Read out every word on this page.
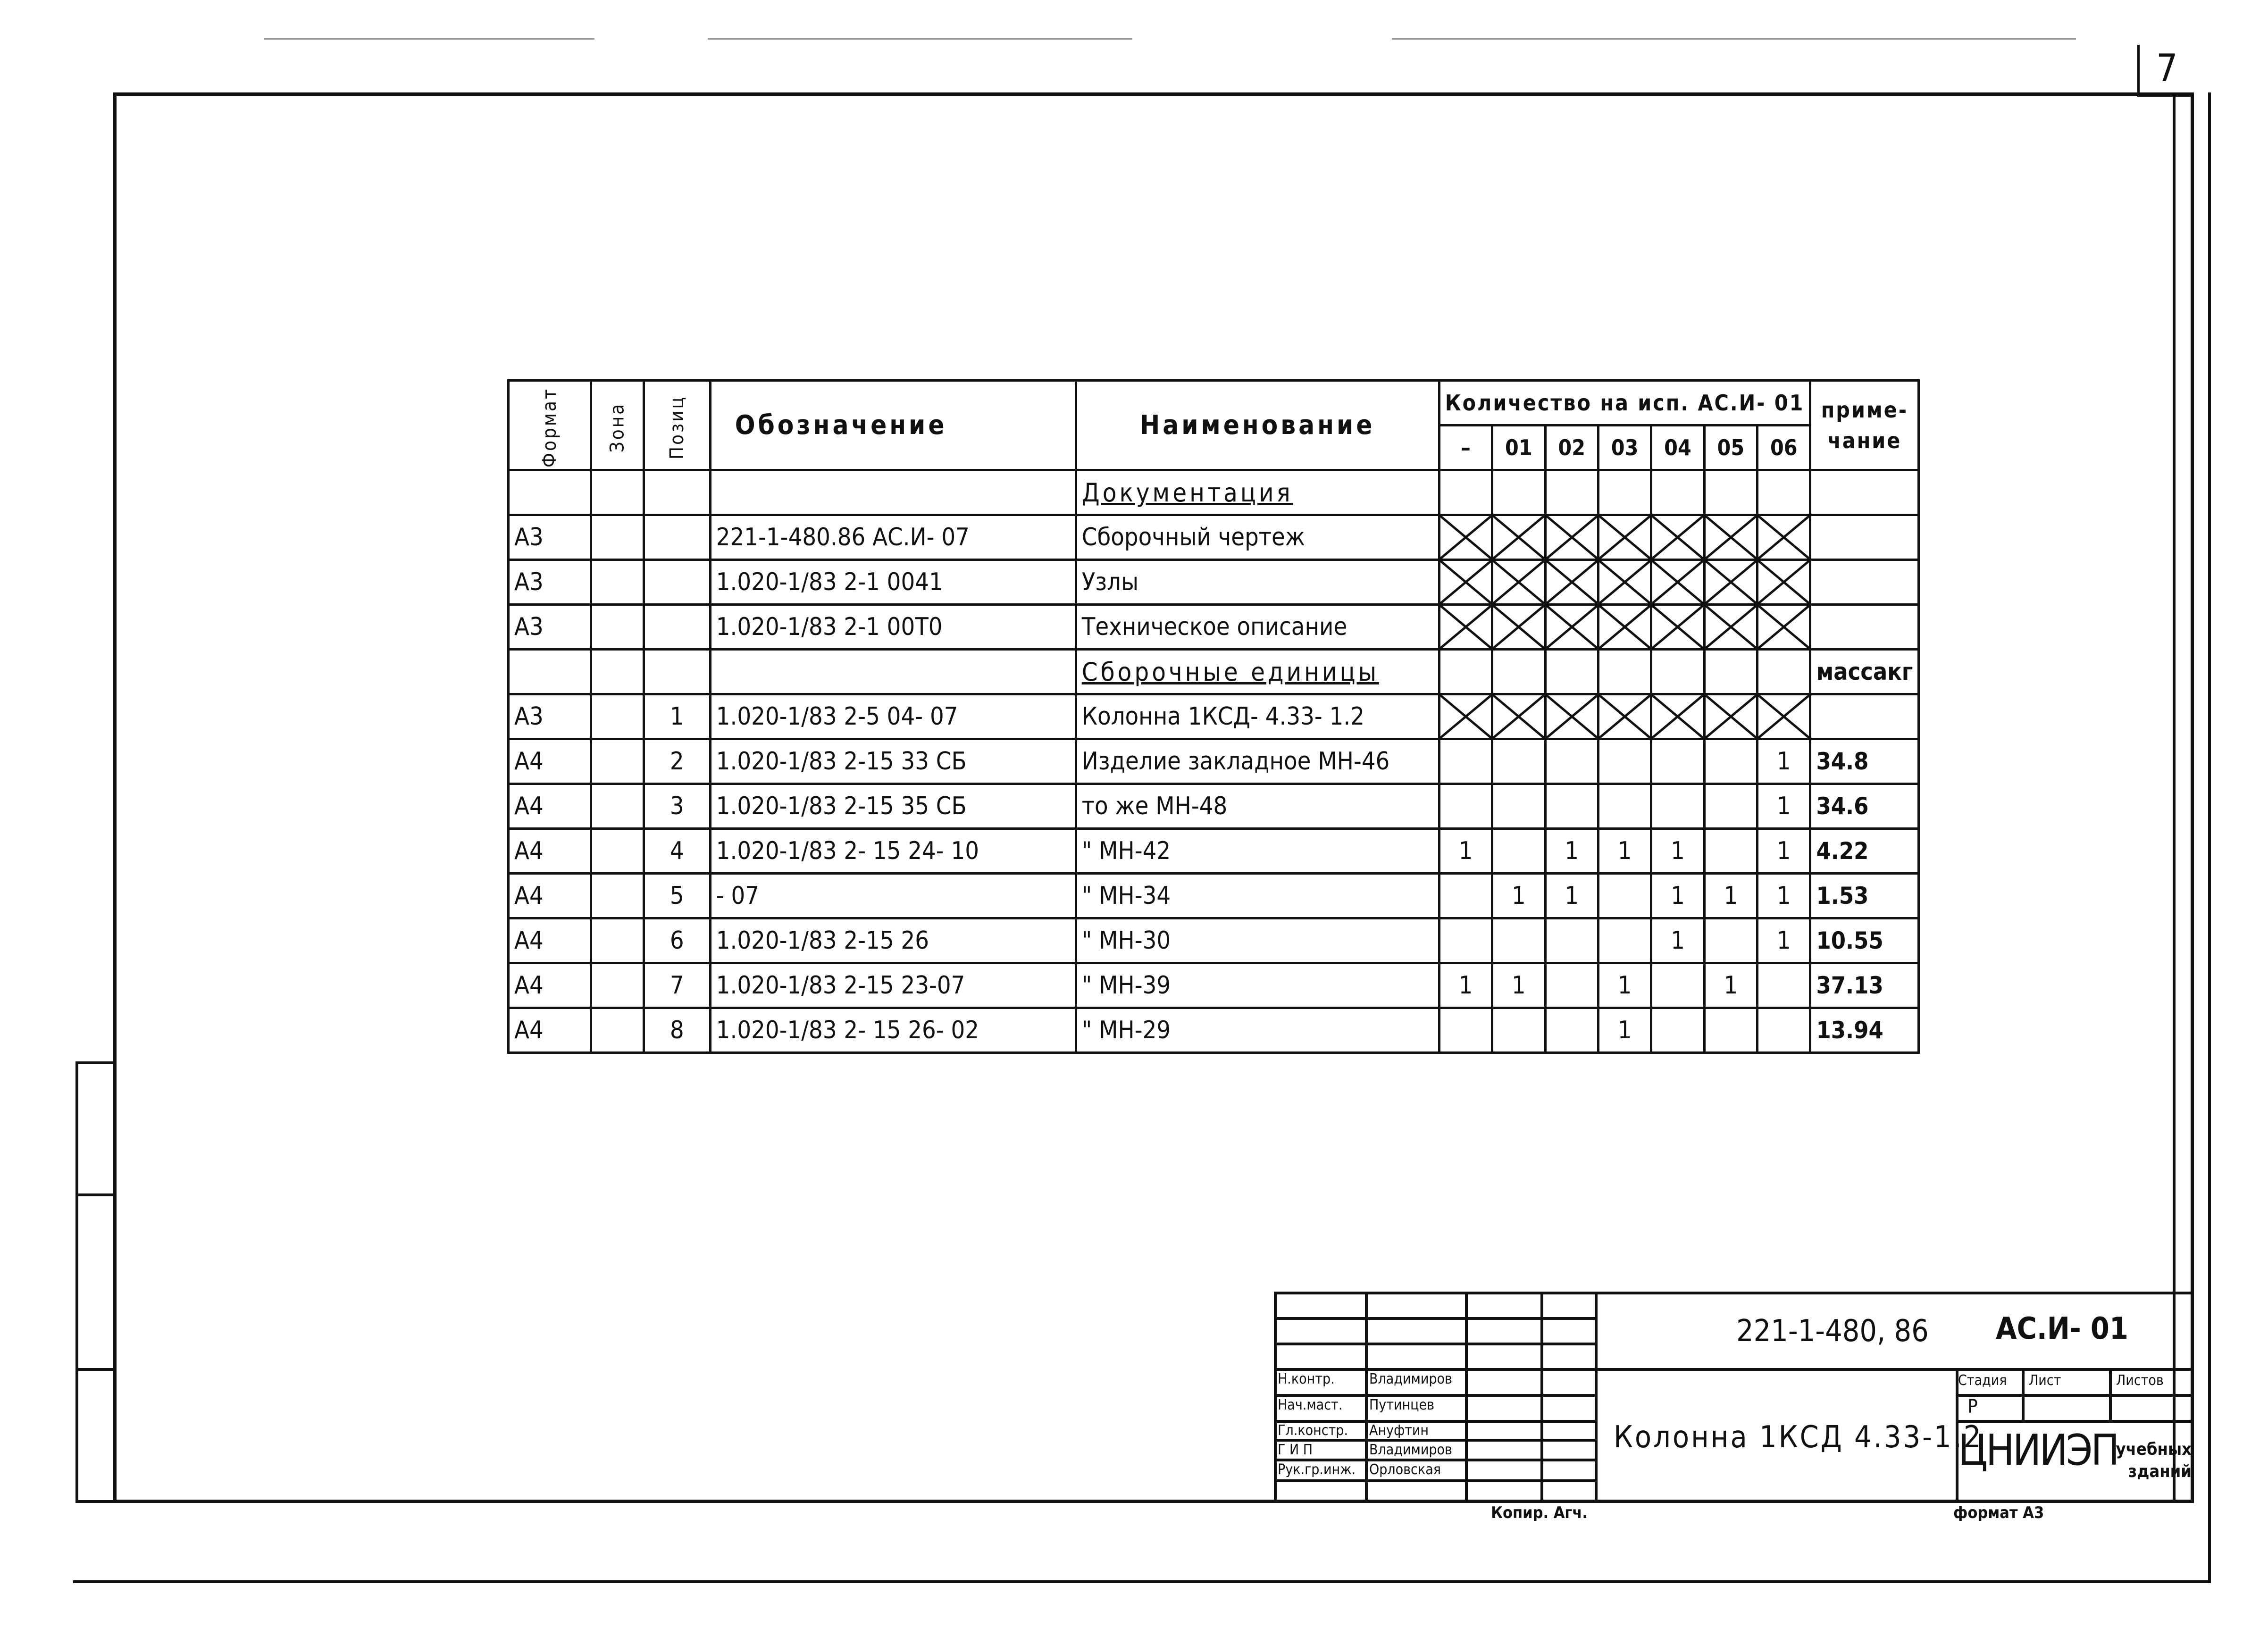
7
Формат	Зона	Позиц	Обозначение	Наименование	Количество на исп. АС.И- 01							приме-чание
					–	01	02	03	04	05	06	
				Документация								
А3			221-1-480.86 АС.И- 07	Сборочный чертеж	

А3			1.020-1/83 2-1 0041	Узлы	

А3			1.020-1/83 2-1 00Т0	Техническое описание	

				Сборочные единицы								массакг
А3		1	1.020-1/83 2-5 04- 07	Колонна 1КСД- 4.33- 1.2	

А4		2	1.020-1/83 2-15 33 СБ	Изделие закладное МН-46							1	34.8
А4		3	1.020-1/83 2-15 35 СБ	то же МН-48							1	34.6
А4		4	1.020-1/83 2- 15 24- 10	" МН-42	1		1	1	1		1	4.22
А4		5	- 07	" МН-34		1	1		1	1	1	1.53
А4		6	1.020-1/83 2-15 26	" МН-30					1		1	10.55
А4		7	1.020-1/83 2-15 23-07	" МН-39	1	1		1		1		37.13
А4		8	1.020-1/83 2- 15 26- 02	" МН-29				1				13.94
221-1-480, 86 АС.И- 01
Колонна 1КСД 4.33-1.2
Стадия Лист	Листов
Р
ЦНИИЭП
учебных зданий
формат А3
Копир. Агч.
Н.контр. Владимиров
Нач.маст. Путинцев
Гл.констр. Ануфтин
Г И П	Владимиров
Рук.гр.инж. Орловская
